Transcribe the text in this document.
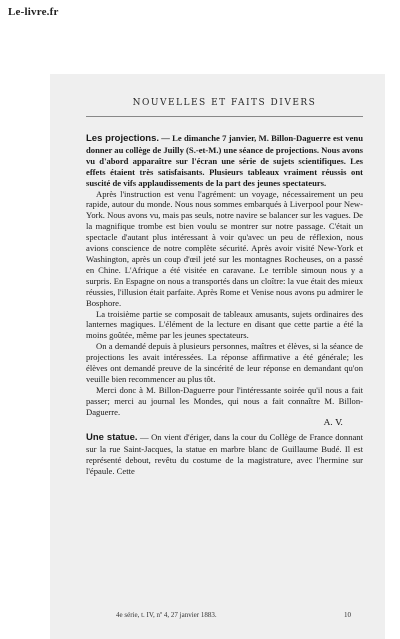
Le-livre.fr
NOUVELLES ET FAITS DIVERS

Les projections. — Le dimanche 7 janvier, M. Billon-Daguerre est venu donner au collège de Juilly (S.-et-M.) une séance de projections. Nous avons vu d'abord apparaître sur l'écran une série de sujets scientifiques. Les effets étaient très satisfaisants. Plusieurs tableaux vraiment réussis ont suscité de vifs applaudissements de la part des jeunes spectateurs.

Après l'instruction est venu l'agrément: un voyage, nécessairement un peu rapide, autour du monde. Nous nous sommes embarqués à Liverpool pour New-York. Nous avons vu, mais pas seuls, notre navire se balancer sur les vagues. De la magnifique trombe est bien voulu se montrer sur notre passage. C'était un spectacle d'autant plus intéressant à voir qu'avec un peu de réflexion, nous avions conscience de notre complète sécurité. Après avoir visité New-York et Washington, après un coup d'œil jeté sur les montagnes Rocheuses, on a passé en Chine. L'Afrique a été visitée en caravane. Le terrible simoun nous y a surpris. En Espagne on nous a transportés dans un cloître: la vue était des mieux réussies, l'illusion était parfaite. Après Rome et Venise nous avons pu admirer le Bosphore.

La troisième partie se composait de tableaux amusants, sujets ordinaires des lanternes magiques. L'élément de la lecture en disant que cette partie a été la moins goûtée, même par les jeunes spectateurs.

On a demandé depuis à plusieurs personnes, maîtres et élèves, si la séance de projections les avait intéressées. La réponse affirmative a été générale; les élèves ont demandé preuve de la sincérité de leur réponse en demandant qu'on veuille bien recommencer au plus tôt.

Merci donc à M. Billon-Daguerre pour l'intéressante soirée qu'il nous a fait passer; merci au journal les Mondes, qui nous a fait connaître M. Billon-Daguerre.

A. V.

Une statue. — On vient d'ériger, dans la cour du Collège de France donnant sur la rue Saint-Jacques, la statue en marbre blanc de Guillaume Budé. Il est représenté debout, revêtu du costume de la magistrature, avec l'hermine sur l'épaule. Cette

4e série, t. IV, nº 4, 27 janvier 1883.	10
